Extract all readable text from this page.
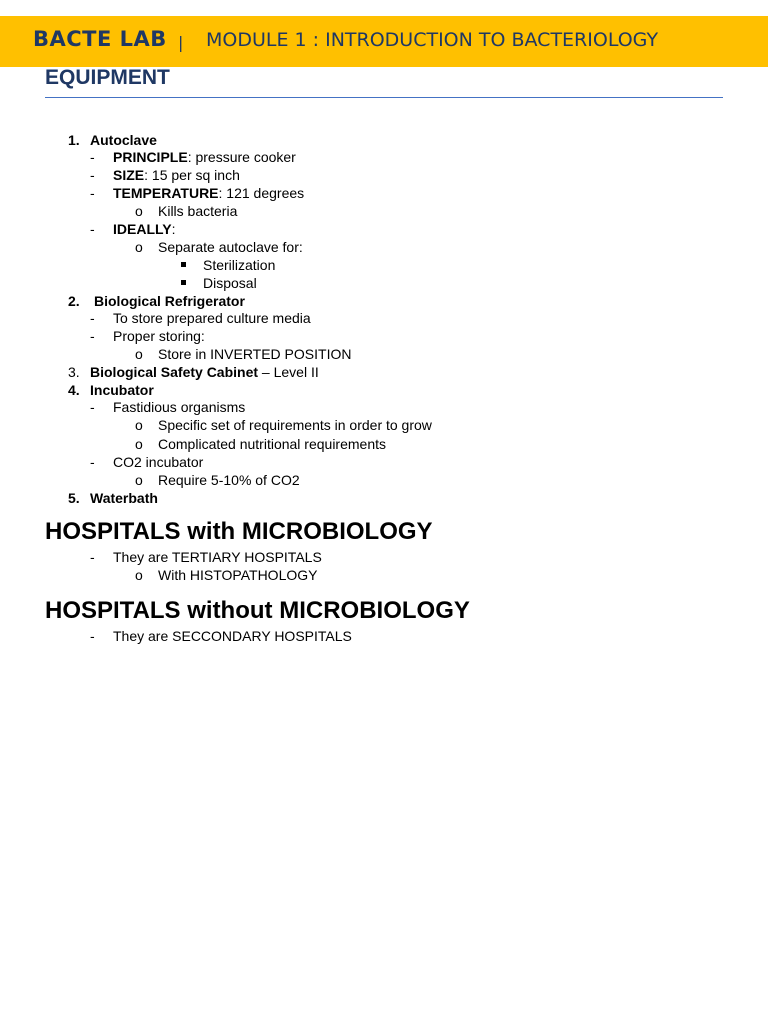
BACTE LAB | MODULE 1 : INTRODUCTION TO BACTERIOLOGY
EQUIPMENT
1. Autoclave
- PRINCIPLE: pressure cooker
- SIZE: 15 per sq inch
- TEMPERATURE: 121 degrees
o Kills bacteria
- IDEALLY:
o Separate autoclave for:
Sterilization
Disposal
2. Biological Refrigerator
- To store prepared culture media
- Proper storing:
o Store in INVERTED POSITION
3. Biological Safety Cabinet – Level II
4. Incubator
- Fastidious organisms
o Specific set of requirements in order to grow
o Complicated nutritional requirements
- CO2 incubator
o Require 5-10% of CO2
5. Waterbath
HOSPITALS with MICROBIOLOGY
- They are TERTIARY HOSPITALS
o With HISTOPATHOLOGY
HOSPITALS without MICROBIOLOGY
- They are SECCONDARY HOSPITALS
